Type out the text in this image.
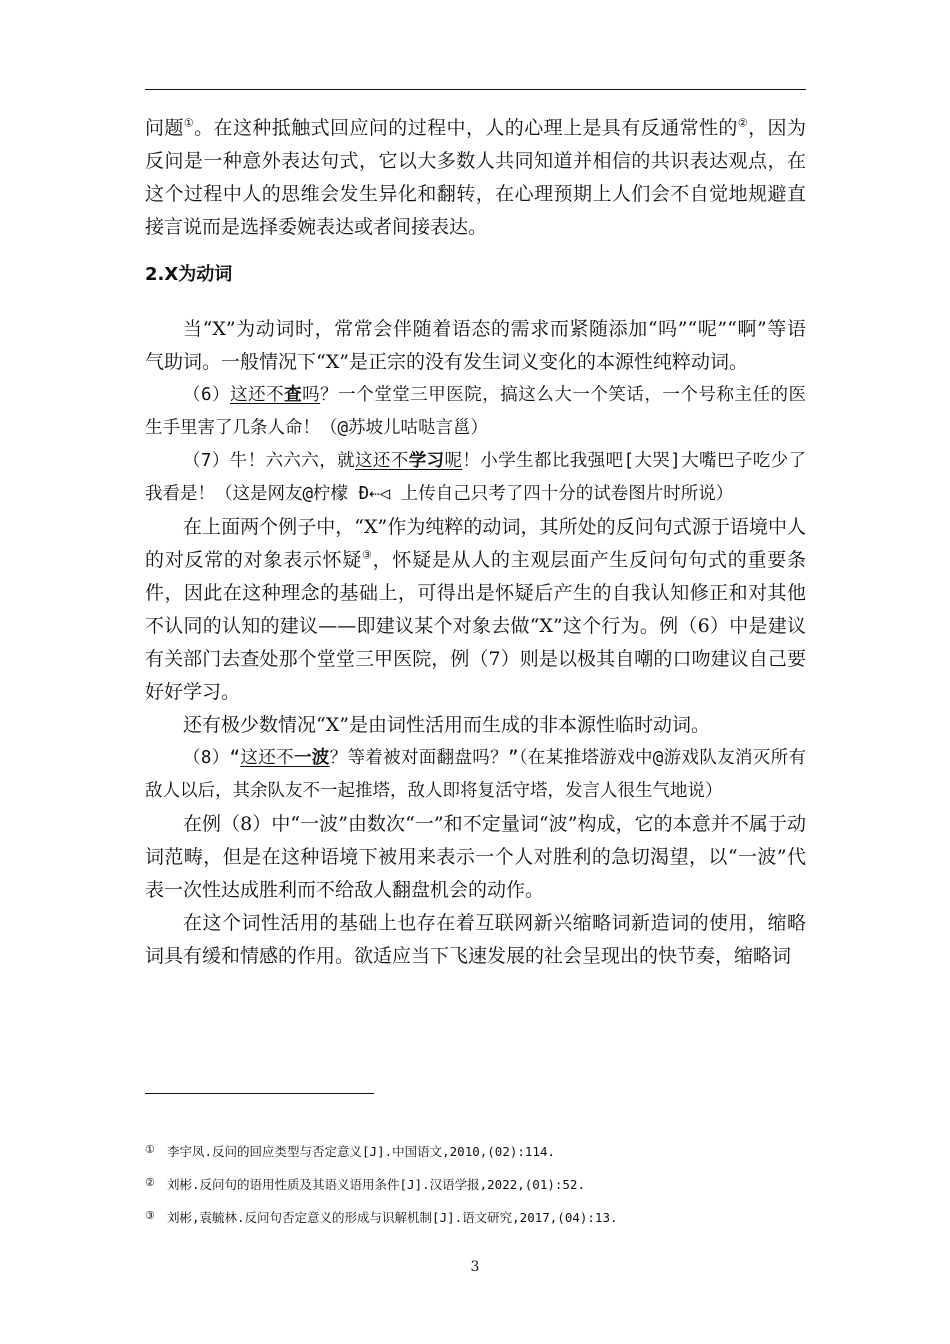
问题①。在这种抵触式回应问的过程中，人的心理上是具有反通常性的②，因为反问是一种意外表达句式，它以大多数人共同知道并相信的共识表达观点，在这个过程中人的思维会发生异化和翻转，在心理预期上人们会不自觉地规避直接言说而是选择委婉表达或者间接表达。

2.X为动词

当“X”为动词时，常常会伴随着语态的需求而紧随添加“吗”“呢”“啊”等语气助词。一般情况下“X”是正宗的没有发生词义变化的本源性纯粹动词。

（6）这还不查吗？一个堂堂三甲医院，搞这么大一个笑话，一个号称主任的医生手里害了几条人命！（@苏坡儿咕哒言邕）

（7）牛！六六六，就这还不学习呢！小学生都比我强吧[大哭]大嘴巴子吃少了我看是！（这是网友@柠檬 Ð⇠◁ 上传自己只考了四十分的试卷图片时所说）

在上面两个例子中，“X”作为纯粹的动词，其所处的反问句式源于语境中人的对反常的对象表示怀疑③，怀疑是从人的主观层面产生反问句句式的重要条件，因此在这种理念的基础上，可得出是怀疑后产生的自我认知修正和对其他不认同的认知的建议——即建议某个对象去做“X”这个行为。例（6）中是建议有关部门去查处那个堂堂三甲医院，例（7）则是以极其自嘲的口吻建议自己要好好学习。

还有极少数情况“X”是由词性活用而生成的非本源性临时动词。

（8）“这还不一波？等着被对面翻盘吗？”（在某推塔游戏中@游戏队友消灭所有敌人以后，其余队友不一起推塔，敌人即将复活守塔，发言人很生气地说）

在例（8）中“一波”由数次“一”和不定量词“波”构成，它的本意并不属于动词范畴，但是在这种语境下被用来表示一个人对胜利的急切渴望，以“一波”代表一次性达成胜利而不给敌人翻盘机会的动作。

在这个词性活用的基础上也存在着互联网新兴缩略词新造词的使用，缩略词具有缓和情感的作用。欲适应当下飞速发展的社会呈现出的快节奏，缩略词

① 李宇凤.反问的回应类型与否定意义[J].中国语文,2010,(02):114.

② 刘彬.反问句的语用性质及其语义语用条件[J].汉语学报,2022,(01):52.

③ 刘彬,袁毓林.反问句否定意义的形成与识解机制[J].语文研究,2017,(04):13.

3
